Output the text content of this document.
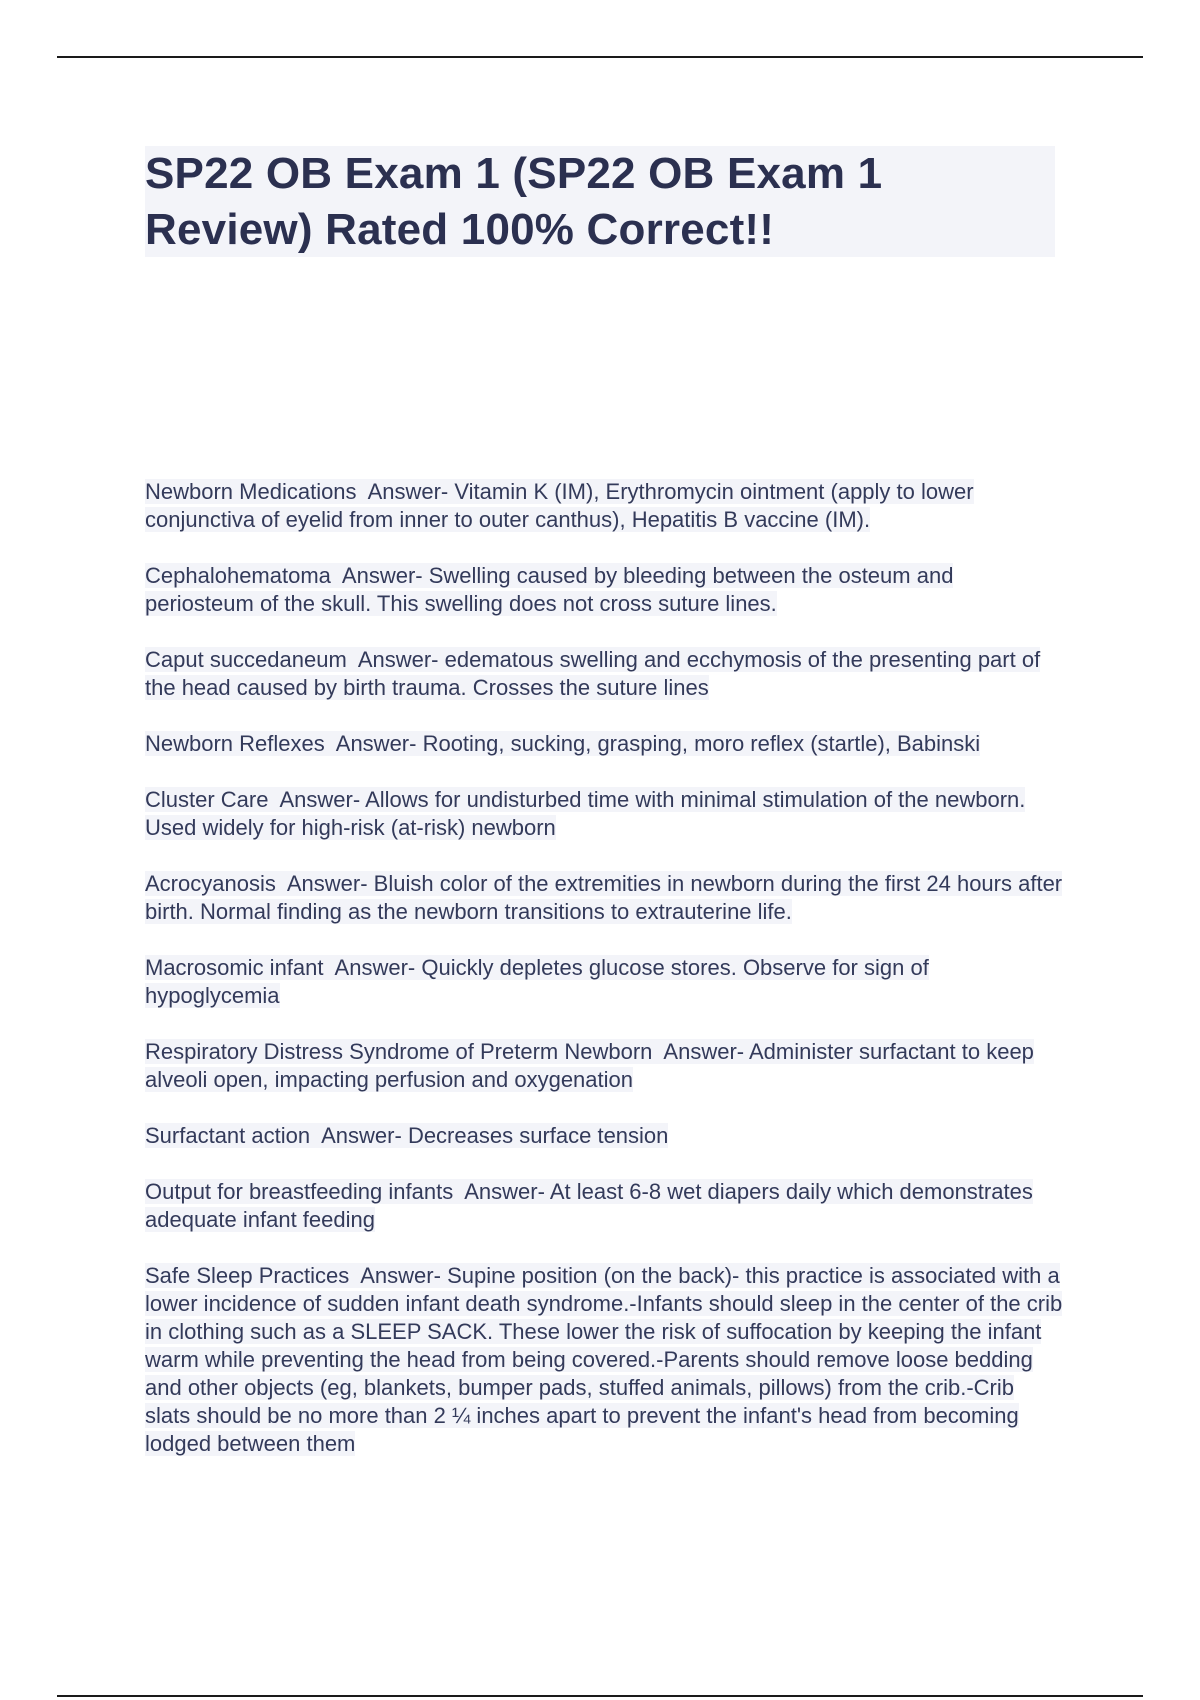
SP22 OB Exam 1 (SP22 OB Exam 1 Review) Rated 100% Correct!!

Newborn Medications Answer- Vitamin K (IM), Erythromycin ointment (apply to lower conjunctiva of eyelid from inner to outer canthus), Hepatitis B vaccine (IM).

Cephalohematoma Answer- Swelling caused by bleeding between the osteum and periosteum of the skull. This swelling does not cross suture lines.

Caput succedaneum Answer- edematous swelling and ecchymosis of the presenting part of the head caused by birth trauma. Crosses the suture lines

Newborn Reflexes Answer- Rooting, sucking, grasping, moro reflex (startle), Babinski

Cluster Care Answer- Allows for undisturbed time with minimal stimulation of the newborn. Used widely for high-risk (at-risk) newborn

Acrocyanosis Answer- Bluish color of the extremities in newborn during the first 24 hours after birth. Normal finding as the newborn transitions to extrauterine life.

Macrosomic infant Answer- Quickly depletes glucose stores. Observe for sign of hypoglycemia

Respiratory Distress Syndrome of Preterm Newborn Answer- Administer surfactant to keep alveoli open, impacting perfusion and oxygenation

Surfactant action Answer- Decreases surface tension

Output for breastfeeding infants Answer- At least 6-8 wet diapers daily which demonstrates adequate infant feeding

Safe Sleep Practices Answer- Supine position (on the back)- this practice is associated with a lower incidence of sudden infant death syndrome.-Infants should sleep in the center of the crib in clothing such as a SLEEP SACK. These lower the risk of suffocation by keeping the infant warm while preventing the head from being covered.-Parents should remove loose bedding and other objects (eg, blankets, bumper pads, stuffed animals, pillows) from the crib.-Crib slats should be no more than 2 ¼ inches apart to prevent the infant's head from becoming lodged between them
